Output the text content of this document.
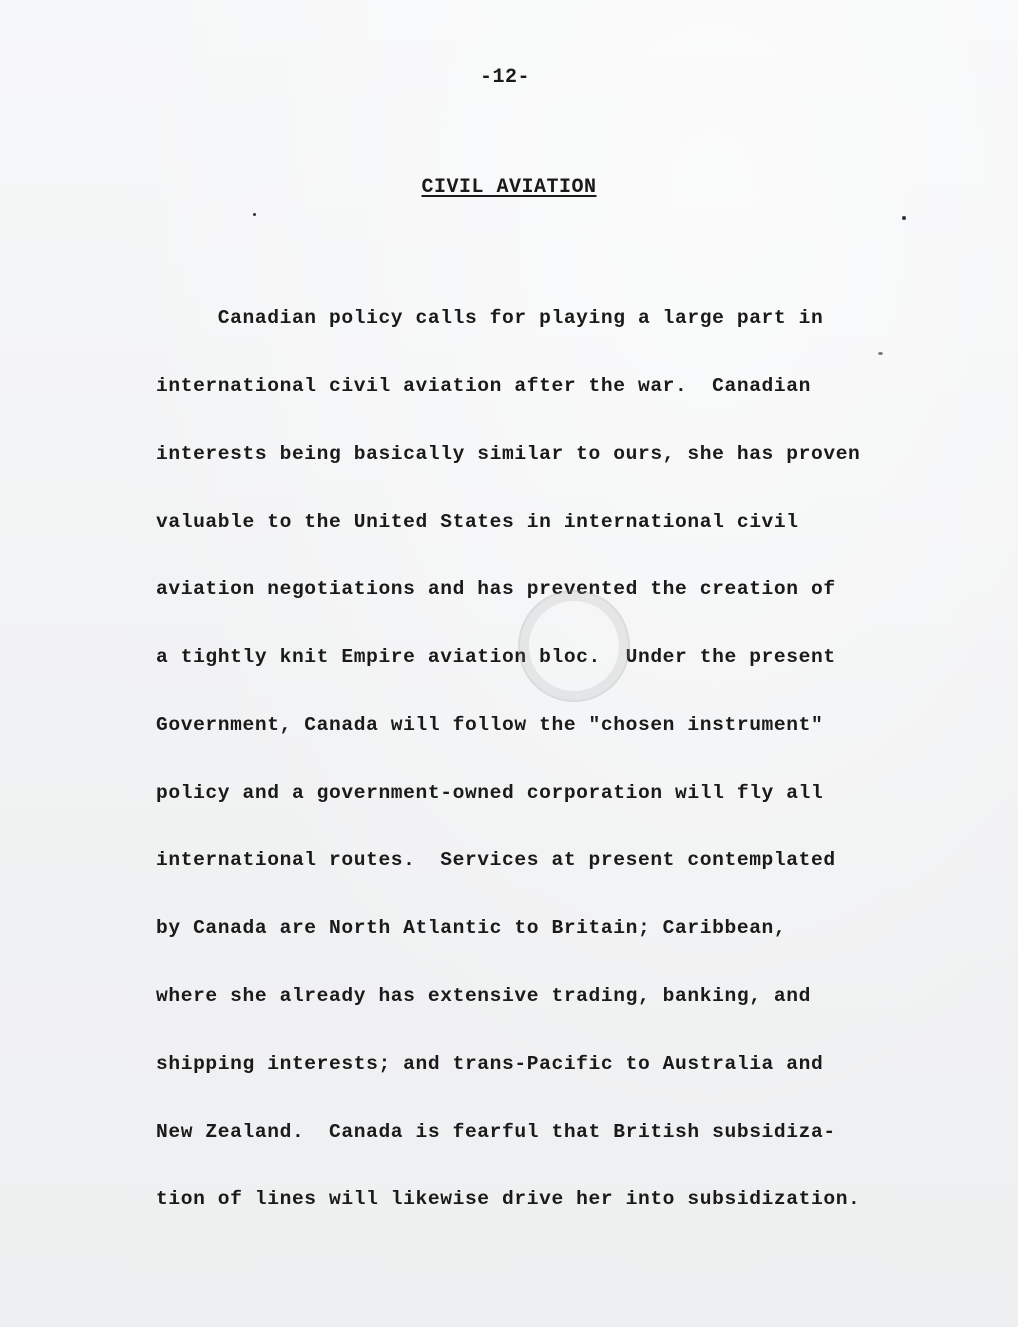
-12-
CIVIL AVIATION

Canadian policy calls for playing a large part in

international civil aviation after the war.  Canadian

interests being basically similar to ours, she has proven

valuable to the United States in international civil

aviation negotiations and has prevented the creation of

a tightly knit Empire aviation bloc.  Under the present

Government, Canada will follow the "chosen instrument"

policy and a government-owned corporation will fly all

international routes.  Services at present contemplated

by Canada are North Atlantic to Britain; Caribbean,

where she already has extensive trading, banking, and

shipping interests; and trans-Pacific to Australia and

New Zealand.  Canada is fearful that British subsidiza-

tion of lines will likewise drive her into subsidization.
